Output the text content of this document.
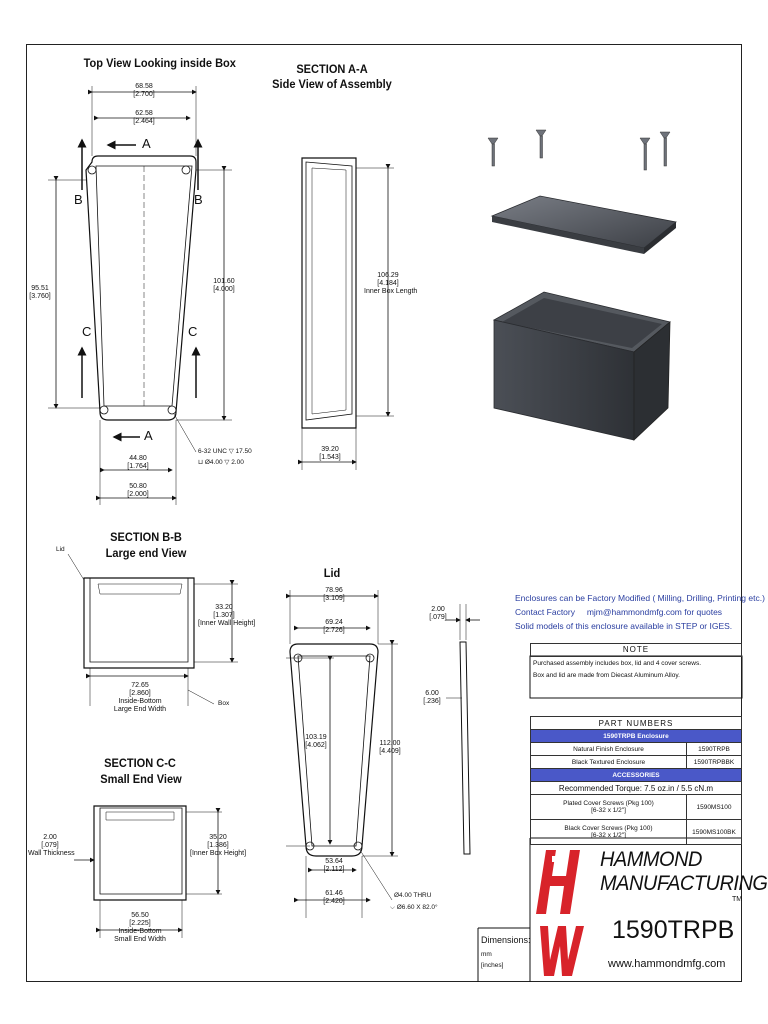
Top View Looking inside Box	SECTION A-A
Side View of Assembly
SECTION B-B
Large end View
SECTION C-C
Small End View
Lid
A
B	B
C	C
A
Lid
Box
68.58
[2.700]
62.58
[2.464]
95.51
[3.760]
101.60
[4.000]
44.80
[1.764]
50.80
[2.000]
6-32 UNC ▽ 17.50
⊔ Ø4.00 ▽ 2.00
106.29
[4.184]
Inner Box Length
39.20
[1.543]
33.20
[1.307]
[Inner Wall Height]
72.65
[2.860]
Inside-Bottom
Large End Width
2.00
[.079]
Wall Thickness
35.20
[1.386]
[Inner Box Height]
56.50
[2.225]
Inside-Bottom
Small End Width
78.96
[3.109]
69.24
[2.726]
103.19
[4.062]	112.00
[4.409]
53.64
[2.112]
61.46
[2.420]
Ø4.00 THRU
⌵ Ø6.60 X 82.0°
2.00
[.079]
6.00
[.236]
Enclosures can be Factory Modified ( Milling, Drilling, Printing etc.)
Contact Factory mjm@hammondmfg.com for quotes
Solid models of this enclosure available in STEP or IGES.
NOTE
Purchased assembly includes box, lid and 4 cover screws.
Box and lid are made from Diecast Aluminum Alloy.
PART NUMBERS	
1590TRPB Enclosure	
Natural Finish Enclosure	1590TRPB
Black Textured Enclosure	1590TRPBBK
ACCESSORIES	
Recommended Torque: 7.5 oz.in / 5.5 cN.m	

Plated Cover Screws (Pkg 100)
[6-32 x 1/2"]	1590MS100

Black Cover Screws (Pkg 100)
[6-32 x 1/2"]	1590MS100BK
Dimensions:
mm
[inches]
HAMMOND
MANUFACTURING
TM
1590TRPB
www.hammondmfg.com
